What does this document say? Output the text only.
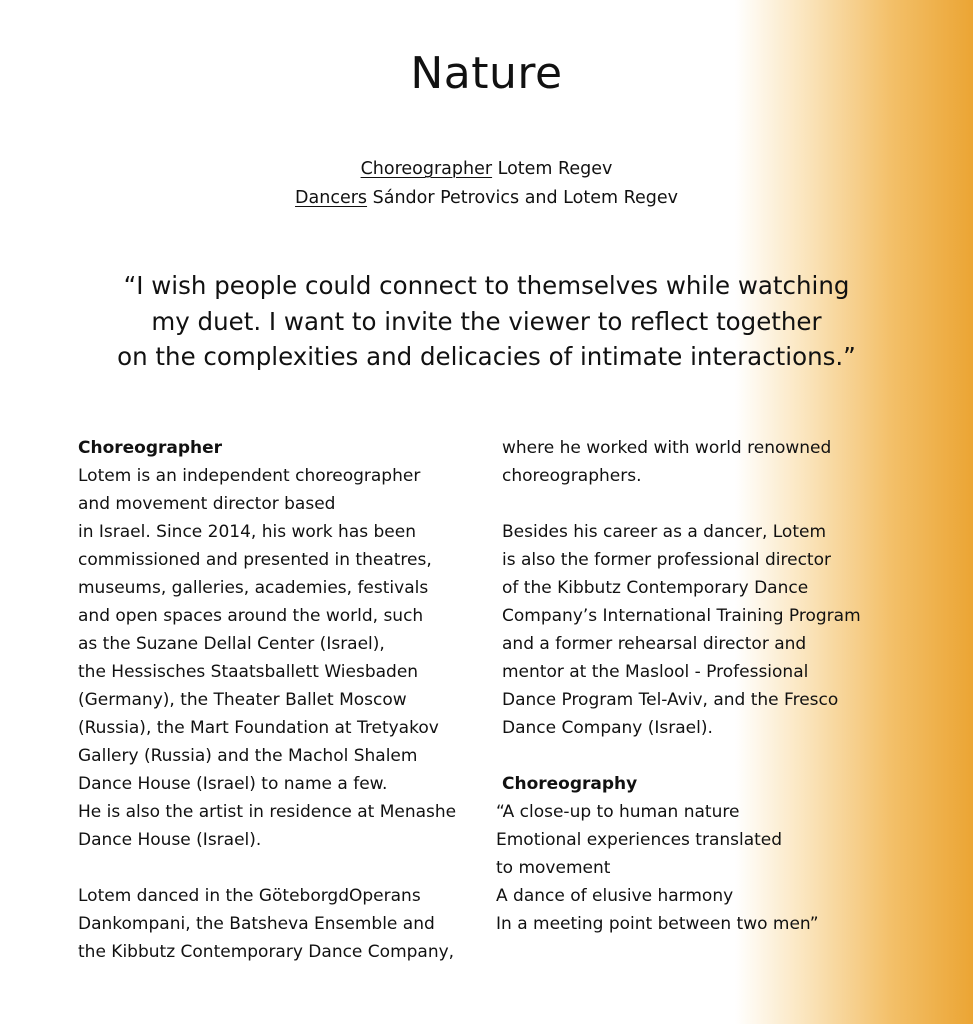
Nature
Choreographer Lotem Regev
Dancers Sándor Petrovics and Lotem Regev
“I wish people could connect to themselves while watching
my duet. I want to invite the viewer to reflect together
on the complexities and delicacies of intimate interactions.”
Choreographer
Lotem is an independent choreographer
and movement director based
in Israel. Since 2014, his work has been
commissioned and presented in theatres,
museums, galleries, academies, festivals
and open spaces around the world, such
as the Suzane Dellal Center (Israel),
the Hessisches Staatsballett Wiesbaden
(Germany), the Theater Ballet Moscow
(Russia), the Mart Foundation at Tretyakov
Gallery (Russia) and the Machol Shalem
Dance House (Israel) to name a few.
He is also the artist in residence at Menashe
Dance House (Israel).
Lotem danced in the GöteborgdOperans
Dankompani, the Batsheva Ensemble and
the Kibbutz Contemporary Dance Company,
where he worked with world renowned
choreographers.
Besides his career as a dancer, Lotem
is also the former professional director
of the Kibbutz Contemporary Dance
Company’s International Training Program
and a former rehearsal director and
mentor at the Maslool - Professional
Dance Program Tel-Aviv, and the Fresco
Dance Company (Israel).
Choreography
“A close-up to human nature
Emotional experiences translated
to movement
A dance of elusive harmony
In a meeting point between two men”
